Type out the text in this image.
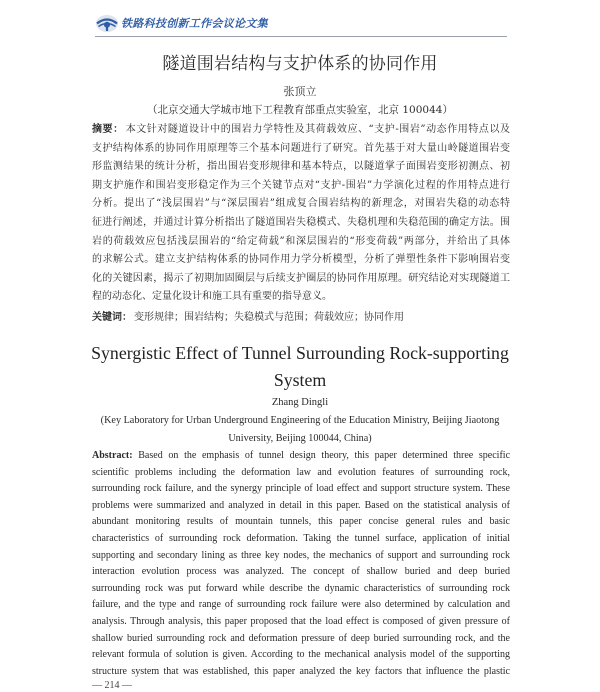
铁路科技创新工作会议论文集
隧道围岩结构与支护体系的协同作用
张顶立
（北京交通大学城市地下工程教育部重点实验室，北京 100044）
摘要： 本文针对隧道设计中的围岩力学特性及其荷载效应、“支护-围岩”动态作用特点以及
支护结构体系的协同作用原理等三个基本问题进行了研究。首先基于对大量山岭隧道围岩变
形监测结果的统计分析，指出围岩变形规律和基本特点，以隧道掌子面围岩变形初测点、初
期支护施作和围岩变形稳定作为三个关键节点对“支护-围岩”力学演化过程的作用特点进行
分析。提出了“浅层围岩”与“深层围岩”组成复合围岩结构的新理念，对围岩失稳的动态特
征进行阐述，并通过计算分析指出了隧道围岩失稳模式、失稳机理和失稳范围的确定方法。围
岩的荷载效应包括浅层围岩的“给定荷载”和深层围岩的“形变荷载”两部分，并给出了具体
的求解公式。建立支护结构体系的协同作用力学分析模型，分析了弹塑性条件下影响围岩变
化的关键因素，揭示了初期加固圈层与后续支护圈层的协同作用原理。研究结论对实现隧道工
程的动态化、定量化设计和施工具有重要的指导意义。
关键词： 变形规律；围岩结构；失稳模式与范围；荷载效应；协同作用
Synergistic Effect of Tunnel Surrounding Rock-supporting
System
Zhang Dingli
(Key Laboratory for Urban Underground Engineering of the Education Ministry, Beijing Jiaotong
University, Beijing 100044, China)
Abstract: Based on the emphasis of tunnel design theory, this paper determined three specific
scientific problems including the deformation law and evolution features of surrounding rock,
surrounding rock failure, and the synergy principle of load effect and support structure system. These
problems were summarized and analyzed in detail in this paper. Based on the statistical analysis of
abundant monitoring results of mountain tunnels, this paper concise general rules and basic
characteristics of surrounding rock deformation. Taking the tunnel surface, application of initial
supporting and secondary lining as three key nodes, the mechanics of support and surrounding rock
interaction evolution process was analyzed. The concept of shallow buried and deep buried
surrounding rock was put forward while describe the dynamic characteristics of surrounding rock
failure, and the type and range of surrounding rock failure were also determined by calculation and
analysis. Through analysis, this paper proposed that the load effect is composed of given pressure of
shallow buried surrounding rock and deformation pressure of deep buried surrounding rock, and the
relevant formula of solution is given. According to the mechanical analysis model of the supporting
structure system that was established, this paper analyzed the key factors that influence the plastic
— 214 —
